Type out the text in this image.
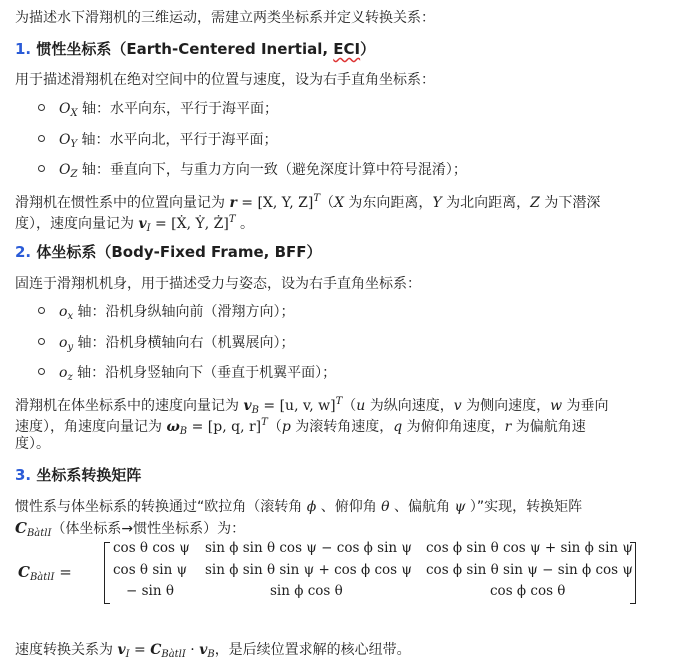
为描述水下滑翔机的三维运动，需建立两类坐标系并定义转换关系：
1. 惯性坐标系（Earth-Centered Inertial, ECI）
用于描述滑翔机在绝对空间中的位置与速度，设为右手直角坐标系：
$O_X$ 轴：水平向东，平行于海平面；
$O_Y$ 轴：水平向北，平行于海平面；
$O_Z$ 轴：垂直向下，与重力方向一致（避免深度计算中符号混淆）；
滑翔机在惯性系中的位置向量记为 r = [X, Y, Z]$^T$（X 为东向距离，Y 为北向距离，Z 为下潜深
度），速度向量记为 $v_I$ = [Ẋ, Ẏ, Ż]$^T$ 。
2. 体坐标系（Body-Fixed Frame, BFF）
固连于滑翔机机身，用于描述受力与姿态，设为右手直角坐标系：
$o_x$ 轴：沿机身纵轴向前（滑翔方向）；
$o_y$ 轴：沿机身横轴向右（机翼展向）；
$o_z$ 轴：沿机身竖轴向下（垂直于机翼平面）；
滑翔机在体坐标系中的速度向量记为 $v_B = [u$, v, w]$^T$（u 为纵向速度，v 为侧向速度，w 为垂向
速度），角速度向量记为 $\omega_B = [p$, q, r]$^T$（p 为滚转角速度，q 为俯仰角速度，r 为偏航角速
度）。
3. 坐标系转换矩阵
惯性系与体坐标系的转换通过“欧拉角（滚转角 ϕ 、俯仰角 θ 、偏航角 ψ ）”实现，转换矩阵
$C_{BàtlI}$（体坐标系→惯性坐标系）为：
$C_{BàtlI}$ =
cos θ cos ψ sin ϕ sin θ cos ψ − cos ϕ sin ψ cos ϕ sin θ cos ψ + sin ϕ sin ψ
cos θ sin ψ sin ϕ sin θ sin ψ + cos ϕ cos ψ cos ϕ sin θ sin ψ − sin ϕ cos ψ
− sin θ	sin ϕ cos θ	cos ϕ cos θ
速度转换关系为 $v_I = C_{BàtlI} \cdot v_B$，是后续位置求解的核心纽带。
